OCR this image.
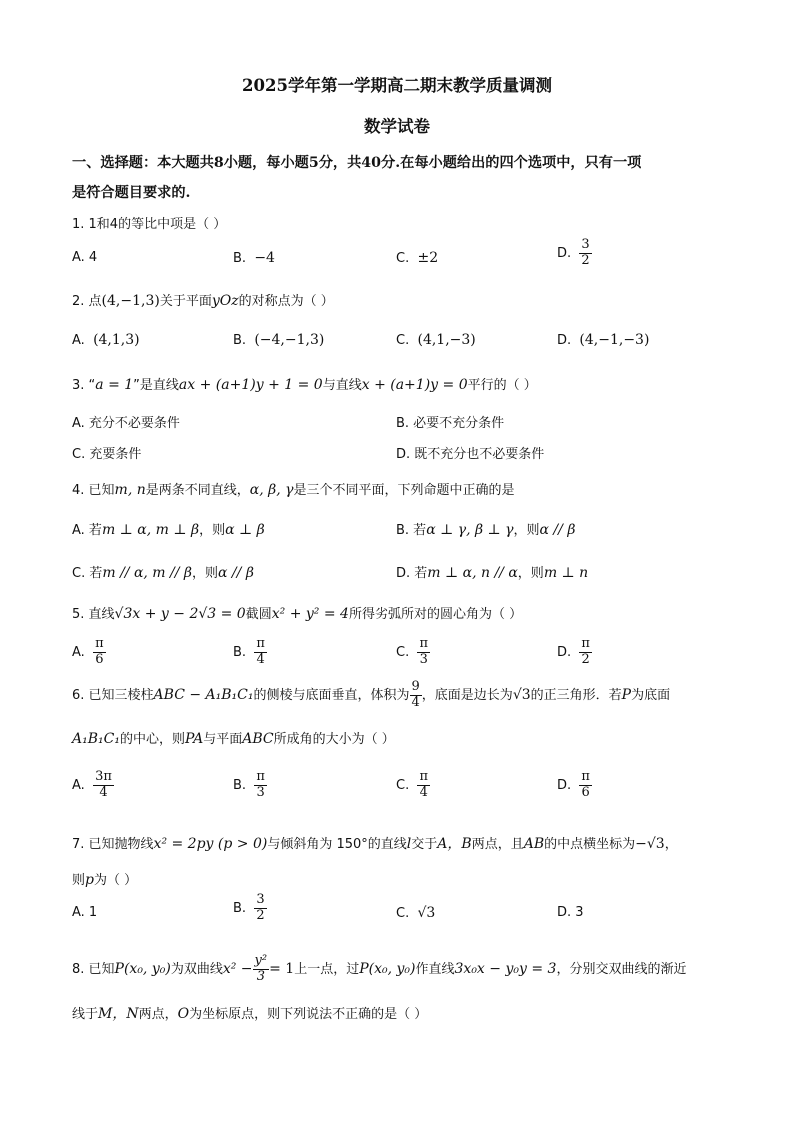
2025学年第一学期高二期末教学质量调测
数学试卷
一、选择题：本大题共8小题，每小题5分，共40分.在每小题给出的四个选项中，只有一项
是符合题目要求的.
1. 1和4的等比中项是（ ）
A. 4	B. −4	C. ±2	D. $\frac{3}{2}$
2. 点(4,−1,3)关于平面yOz的对称点为（ ）
A. (4,1,3)	B. (−4,−1,3)	C. (4,1,−3)	D. (4,−1,−3)
3. “a = 1”是直线ax + (a+1)y + 1 = 0与直线x + (a+1)y = 0平行的（ ）
A. 充分不必要条件	B. 必要不充分条件
C. 充要条件	D. 既不充分也不必要条件
4. 已知m, n是两条不同直线，α, β, γ是三个不同平面，下列命题中正确的是
A. 若m ⊥ α, m ⊥ β，则α ⊥ β	B. 若α ⊥ γ, β ⊥ γ，则α // β
C. 若m // α, m // β，则α // β	D. 若m ⊥ α, n // α，则m ⊥ n
5. 直线√3x + y − 2√3 = 0截圆x² + y² = 4所得劣弧所对的圆心角为（ ）
A. $\frac{\pi}{6}$	B. $\frac{\pi}{4}$	C. $\frac{\pi}{3}$	D. $\frac{\pi}{2}$
6. 已知三棱柱ABC − A₁B₁C₁的侧棱与底面垂直，体积为 $\frac{9}{4}$ ，底面是边长为√3的正三角形．若P为底面
A₁B₁C₁的中心，则PA与平面ABC所成角的大小为（ ）
A. $\frac{3\pi}{4}$	B. $\frac{\pi}{3}$	C. $\frac{\pi}{4}$	D. $\frac{\pi}{6}$
7. 已知抛物线x² = 2py (p > 0)与倾斜角为 150°的直线l交于A，B两点，且AB的中点横坐标为−√3，
则p为（ ）
A. 1	B. $\frac{3}{2}$	C. √3	D. 3
8. 已知P(x₀, y₀)为双曲线$x^2 - \frac{\text{y²}}{3} = 1$上一点，过P(x₀, y₀)作直线3x₀x − y₀y = 3，分别交双曲线的渐近
线于M，N两点，O为坐标原点，则下列说法不正确的是（ ）
